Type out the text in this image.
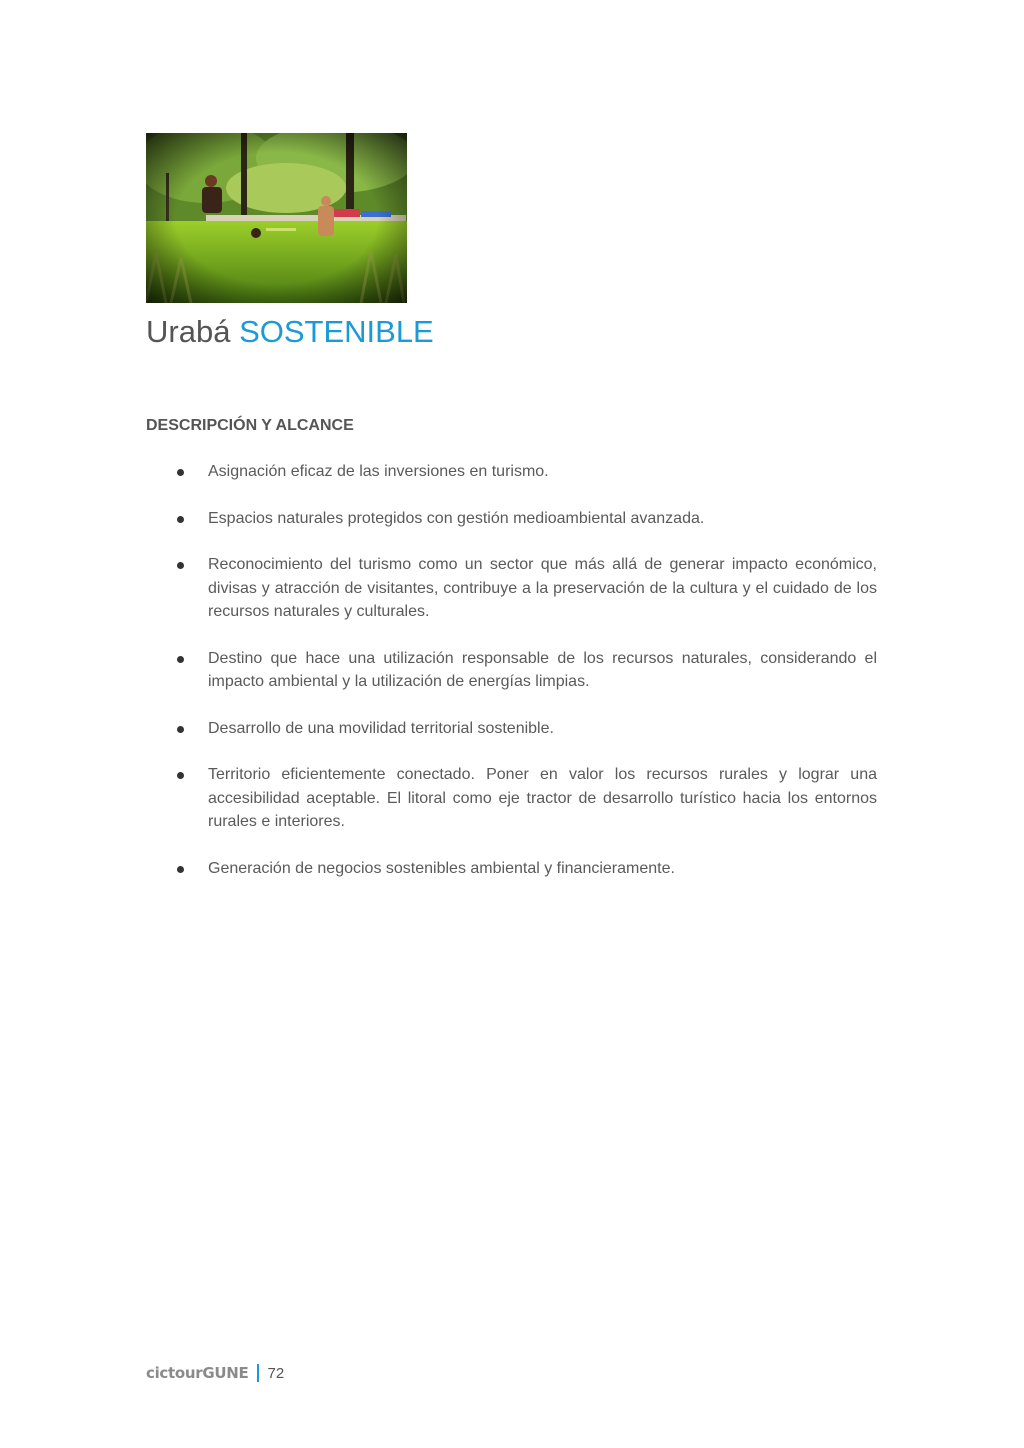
Urabá SOSTENIBLE
DESCRIPCIÓN Y ALCANCE
Asignación eficaz de las inversiones en turismo.
Espacios naturales protegidos con gestión medioambiental avanzada.
Reconocimiento del turismo como un sector que más allá de generar impacto económico, divisas y atracción de visitantes, contribuye a la preservación de la cultura y el cuidado de los recursos naturales y culturales.
Destino que hace una utilización responsable de los recursos naturales, considerando el impacto ambiental y la utilización de energías limpias.
Desarrollo de una movilidad territorial sostenible.
Territorio eficientemente conectado. Poner en valor los recursos rurales y lograr una accesibilidad aceptable. El litoral como eje tractor de desarrollo turístico hacia los entornos rurales e interiores.
Generación de negocios sostenibles ambiental y financieramente.
cictourGUNE 72
